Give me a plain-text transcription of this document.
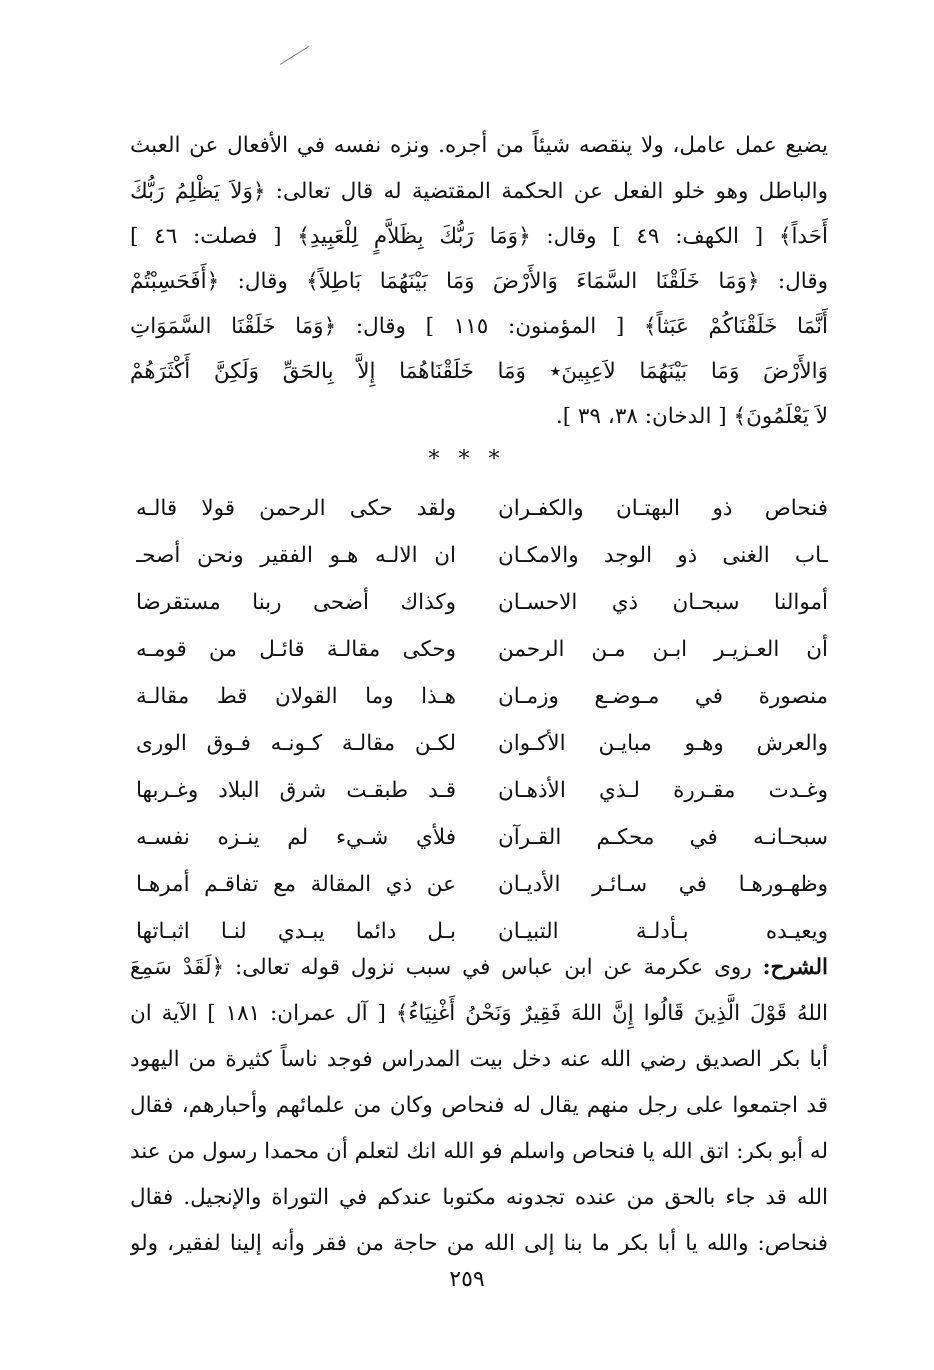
يضيع عمل عامل، ولا ينقصه شيئاً من أجره. ونزه نفسه في الأفعال عن العبث
والباطل وهو خلو الفعل عن الحكمة المقتضية له قال تعالى: ﴿وَلاَ يَظْلِمُ رَبُّكَ
أَحَداً﴾ [ الكهف: ٤٩ ] وقال: ﴿وَمَا رَبُّكَ بِظَلاَّمٍ لِلْعَبِيدِ﴾ [ فصلت: ٤٦ ]
وقال: ﴿وَمَا خَلَقْنَا السَّمَاءَ وَالأَرْضَ وَمَا بَيْنَهُمَا بَاطِلاً﴾ وقال: ﴿أَفَحَسِبْتُمْ
أَنَّمَا خَلَقْنَاكُمْ عَبَثاً﴾ [ المؤمنون: ١١٥ ] وقال: ﴿وَمَا خَلَقْنَا السَّمَوَاتِ
وَالأَرْضَ وَمَا بَيْنَهُمَا لاَعِبِينَ٭ وَمَا خَلَقْنَاهُمَا إِلاَّ بِالحَقِّ وَلَكِنَّ أَكْثَرَهُمْ
لاَ يَعْلَمُونَ﴾ [ الدخان: ٣٨، ٣٩ ].
* * *
ولقد حكى الرحمن قولا قالـه فنحاص ذو البهتـان والكفـران
ان الالـه هـو الفقير ونحن أصحـ ـاب الغنى ذو الوجد والامكـان
وكذاك أضحى ربنا مستقرضا أموالنا سبحـان ذي الاحسـان
وحكى مقالـة قائـل من قومـه أن العـزيـر ابـن مـن الرحمن
هـذا وما القولان قط مقالـة منصورة في مـوضـع وزمـان
لكـن مقالـة كـونـه فـوق الورى والعرش وهـو مبايـن الأكـوان
قـد طبقـت شرق البلاد وغـربها وغـدت مقـررة لـذي الأذهـان
فلأي شـيء لم ينـزه نفسـه سبحـانـه في محكـم القـرآن
عن ذي المقالة مع تفاقـم أمرهـا وظهـورهـا في سـائـر الأديـان
بـل دائما يبـدي لنـا اثبـاتها ويعيـده بـأدلـة التبيـان
الشرح: روى عكرمة عن ابن عباس في سبب نزول قوله تعالى: ﴿لَقَدْ سَمِعَ
اللهُ قَوْلَ الَّذِينَ قَالُوا إِنَّ اللهَ فَقِيرٌ وَنَحْنُ أَغْنِيَاءُ﴾ [ آل عمران: ١٨١ ] الآية ان
أبا بكر الصديق رضي الله عنه دخل بيت المدراس فوجد ناساً كثيرة من اليهود
قد اجتمعوا على رجل منهم يقال له فنحاص وكان من علمائهم وأحبارهم، فقال
له أبو بكر: اتق الله يا فنحاص واسلم فو الله انك لتعلم أن محمدا رسول من عند
الله قد جاء بالحق من عنده تجدونه مكتوبا عندكم في التوراة والإنجيل. فقال
فنحاص: والله يا أبا بكر ما بنا إلى الله من حاجة من فقر وأنه إلينا لفقير، ولو
٢٥٩
